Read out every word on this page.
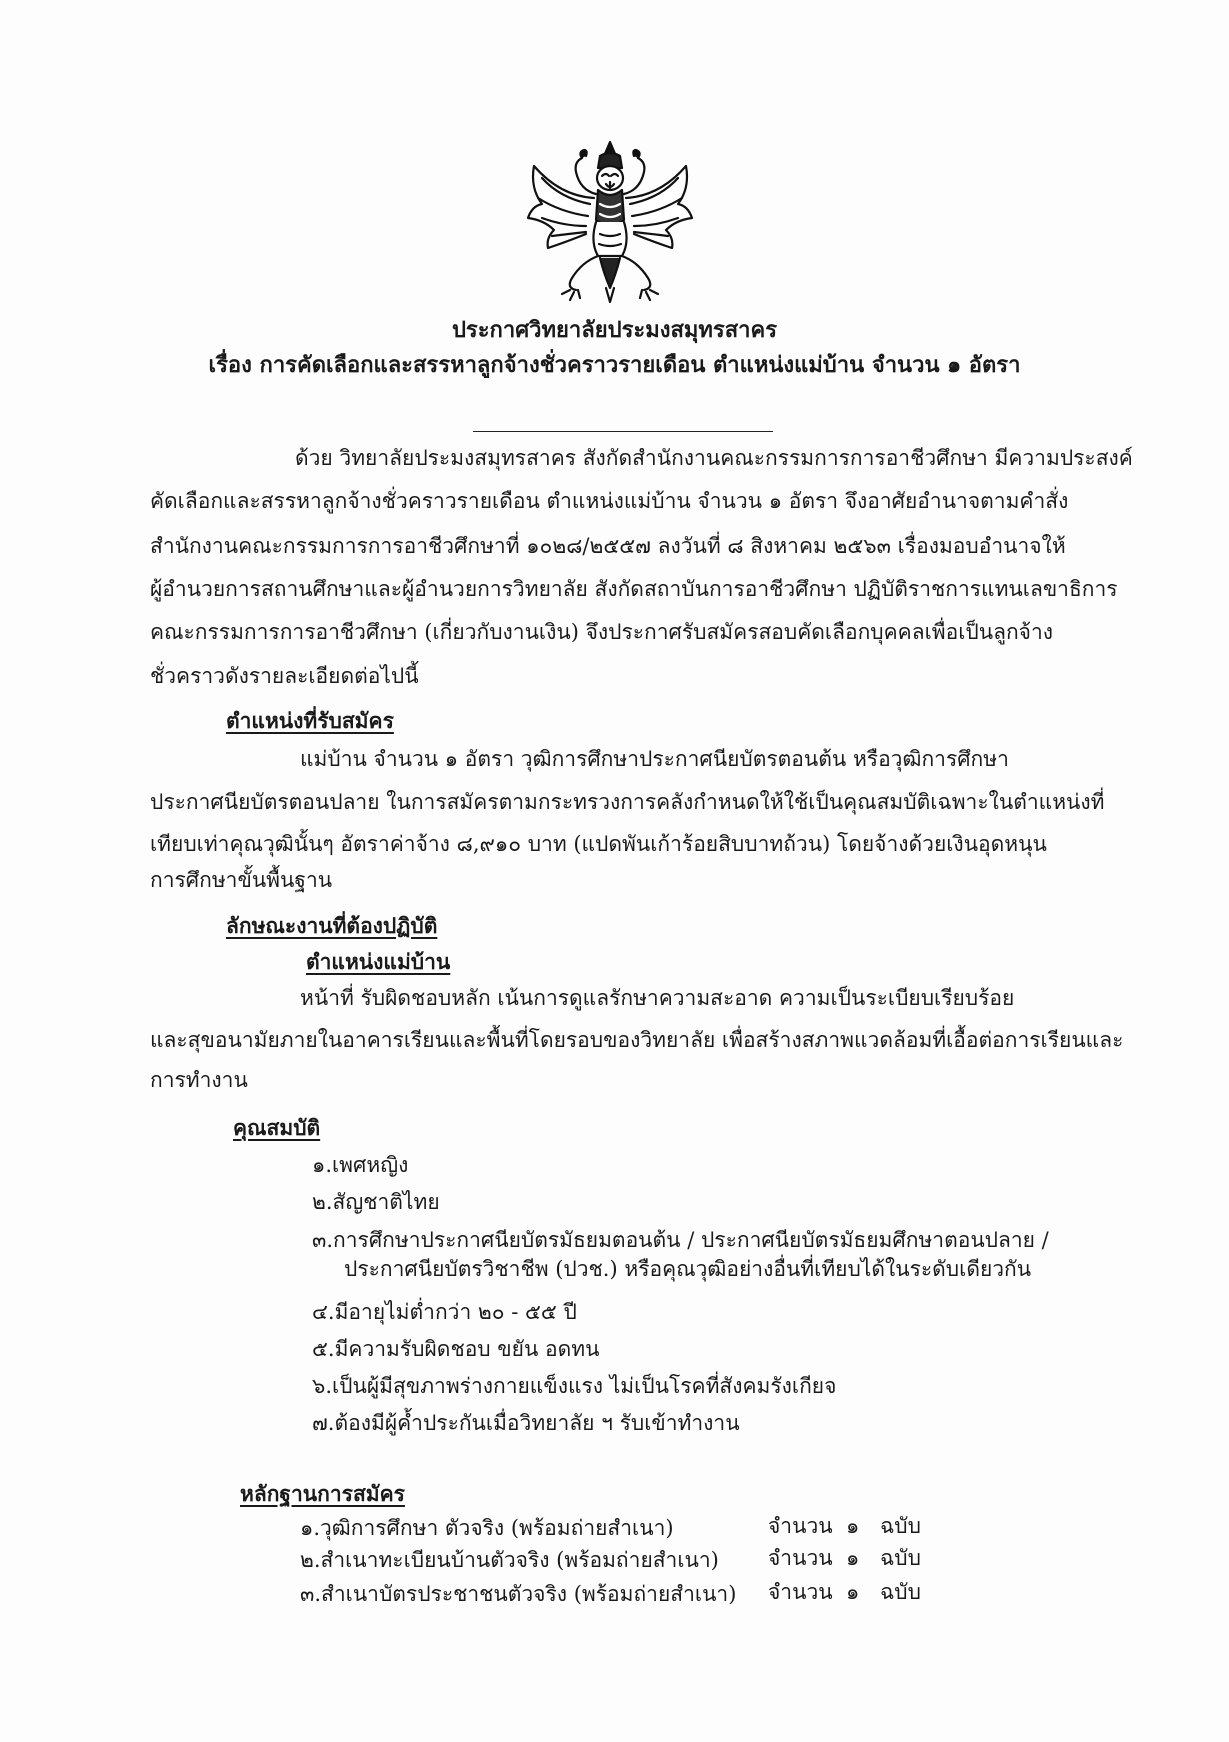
ประกาศวิทยาลัยประมงสมุทรสาคร
เรื่อง การคัดเลือกและสรรหาลูกจ้างชั่วคราวรายเดือน ตำแหน่งแม่บ้าน จำนวน ๑ อัตรา
ด้วย วิทยาลัยประมงสมุทรสาคร สังกัดสำนักงานคณะกรรมการการอาชีวศึกษา มีความประสงค์
คัดเลือกและสรรหาลูกจ้างชั่วคราวรายเดือน ตำแหน่งแม่บ้าน จำนวน ๑ อัตรา จึงอาศัยอำนาจตามคำสั่ง
สำนักงานคณะกรรมการการอาชีวศึกษาที่ ๑๐๒๘/๒๕๕๗ ลงวันที่ ๘ สิงหาคม ๒๕๖๓ เรื่องมอบอำนาจให้
ผู้อำนวยการสถานศึกษาและผู้อำนวยการวิทยาลัย สังกัดสถาบันการอาชีวศึกษา ปฏิบัติราชการแทนเลขาธิการ
คณะกรรมการการอาชีวศึกษา (เกี่ยวกับงานเงิน) จึงประกาศรับสมัครสอบคัดเลือกบุคคลเพื่อเป็นลูกจ้าง
ชั่วคราวดังรายละเอียดต่อไปนี้
ตำแหน่งที่รับสมัคร
แม่บ้าน จำนวน ๑ อัตรา วุฒิการศึกษาประกาศนียบัตรตอนต้น หรือวุฒิการศึกษา
ประกาศนียบัตรตอนปลาย ในการสมัครตามกระทรวงการคลังกำหนดให้ใช้เป็นคุณสมบัติเฉพาะในตำแหน่งที่
เทียบเท่าคุณวุฒินั้นๆ อัตราค่าจ้าง ๘,๙๑๐ บาท (แปดพันเก้าร้อยสิบบาทถ้วน) โดยจ้างด้วยเงินอุดหนุน
การศึกษาขั้นพื้นฐาน
ลักษณะงานที่ต้องปฏิบัติ
ตำแหน่งแม่บ้าน
หน้าที่ รับผิดชอบหลัก เน้นการดูแลรักษาความสะอาด ความเป็นระเบียบเรียบร้อย
และสุขอนามัยภายในอาคารเรียนและพื้นที่โดยรอบของวิทยาลัย เพื่อสร้างสภาพแวดล้อมที่เอื้อต่อการเรียนและ
การทำงาน
คุณสมบัติ
๑.เพศหญิง
๒.สัญชาติไทย
๓.การศึกษาประกาศนียบัตรมัธยมตอนต้น / ประกาศนียบัตรมัธยมศึกษาตอนปลาย /
ประกาศนียบัตรวิชาชีพ (ปวช.) หรือคุณวุฒิอย่างอื่นที่เทียบได้ในระดับเดียวกัน
๔.มีอายุไม่ต่ำกว่า ๒๐ - ๕๕ ปี
๕.มีความรับผิดชอบ ขยัน อดทน
๖.เป็นผู้มีสุขภาพร่างกายแข็งแรง ไม่เป็นโรคที่สังคมรังเกียจ
๗.ต้องมีผู้ค้ำประกันเมื่อวิทยาลัย ฯ รับเข้าทำงาน
หลักฐานการสมัคร
๑.วุฒิการศึกษา ตัวจริง (พร้อมถ่ายสำเนา)	จำนวน ๑ ฉบับ
๒.สำเนาทะเบียนบ้านตัวจริง (พร้อมถ่ายสำเนา) จำนวน ๑ ฉบับ
๓.สำเนาบัตรประชาชนตัวจริง (พร้อมถ่ายสำเนา) จำนวน ๑ ฉบับ
